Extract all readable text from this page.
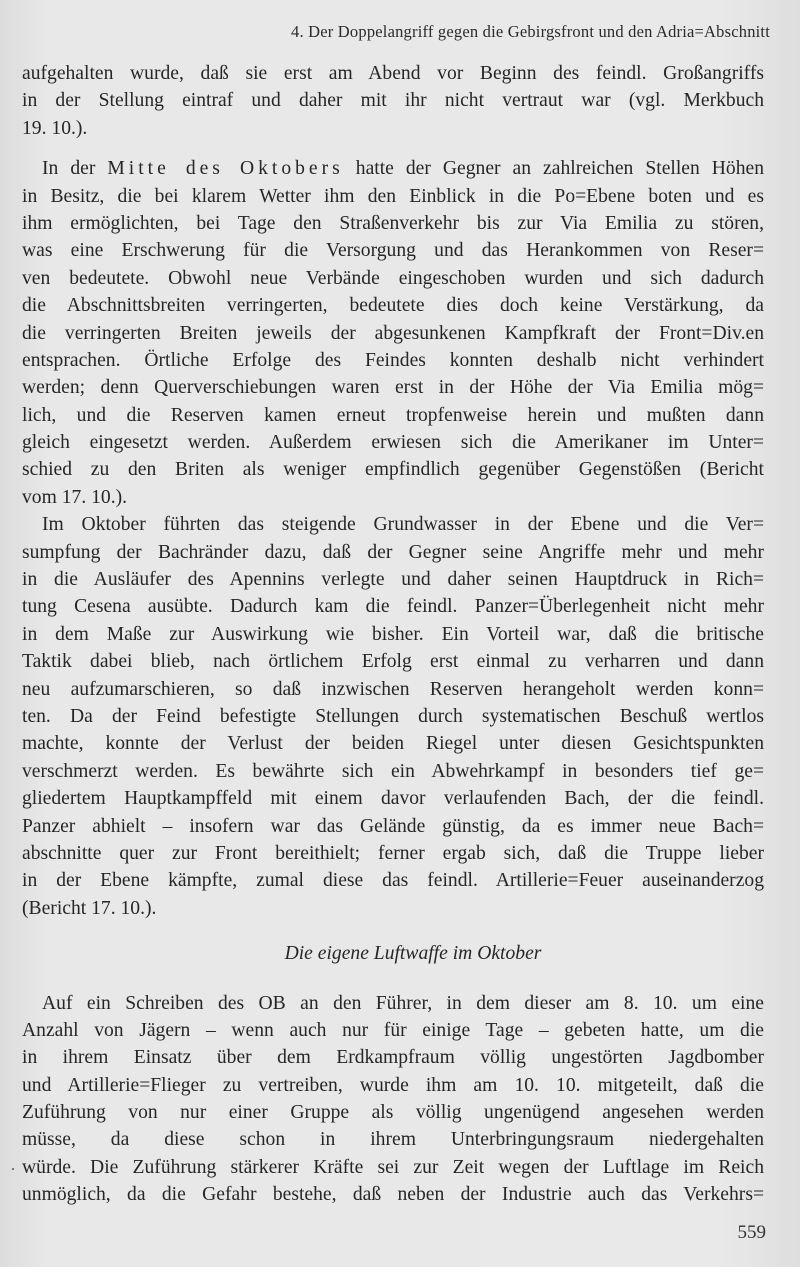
4. Der Doppelangriff gegen die Gebirgsfront und den Adria=Abschnitt
aufgehalten wurde, daß sie erst am Abend vor Beginn des feindl. Großangriffs
in der Stellung eintraf und daher mit ihr nicht vertraut war (vgl. Merkbuch
19. 10.).
In der Mitte des Oktobers hatte der Gegner an zahlreichen Stellen Höhen
in Besitz, die bei klarem Wetter ihm den Einblick in die Po=Ebene boten und es
ihm ermöglichten, bei Tage den Straßenverkehr bis zur Via Emilia zu stören,
was eine Erschwerung für die Versorgung und das Herankommen von Reser=
ven bedeutete. Obwohl neue Verbände eingeschoben wurden und sich dadurch
die Abschnittsbreiten verringerten, bedeutete dies doch keine Verstärkung, da
die verringerten Breiten jeweils der abgesunkenen Kampfkraft der Front=Div.en
entsprachen. Örtliche Erfolge des Feindes konnten deshalb nicht verhindert
werden; denn Querverschiebungen waren erst in der Höhe der Via Emilia mög=
lich, und die Reserven kamen erneut tropfenweise herein und mußten dann
gleich eingesetzt werden. Außerdem erwiesen sich die Amerikaner im Unter=
schied zu den Briten als weniger empfindlich gegenüber Gegenstößen (Bericht
vom 17. 10.).
Im Oktober führten das steigende Grundwasser in der Ebene und die Ver=
sumpfung der Bachränder dazu, daß der Gegner seine Angriffe mehr und mehr
in die Ausläufer des Apennins verlegte und daher seinen Hauptdruck in Rich=
tung Cesena ausübte. Dadurch kam die feindl. Panzer=Überlegenheit nicht mehr
in dem Maße zur Auswirkung wie bisher. Ein Vorteil war, daß die britische
Taktik dabei blieb, nach örtlichem Erfolg erst einmal zu verharren und dann
neu aufzumarschieren, so daß inzwischen Reserven herangeholt werden konn=
ten. Da der Feind befestigte Stellungen durch systematischen Beschuß wertlos
machte, konnte der Verlust der beiden Riegel unter diesen Gesichtspunkten
verschmerzt werden. Es bewährte sich ein Abwehrkampf in besonders tief ge=
gliedertem Hauptkampffeld mit einem davor verlaufenden Bach, der die feindl.
Panzer abhielt – insofern war das Gelände günstig, da es immer neue Bach=
abschnitte quer zur Front bereithielt; ferner ergab sich, daß die Truppe lieber
in der Ebene kämpfte, zumal diese das feindl. Artillerie=Feuer auseinanderzog
(Bericht 17. 10.).
Die eigene Luftwaffe im Oktober
Auf ein Schreiben des OB an den Führer, in dem dieser am 8. 10. um eine
Anzahl von Jägern – wenn auch nur für einige Tage – gebeten hatte, um die
in ihrem Einsatz über dem Erdkampfraum völlig ungestörten Jagdbomber
und Artillerie=Flieger zu vertreiben, wurde ihm am 10. 10. mitgeteilt, daß die
Zuführung von nur einer Gruppe als völlig ungenügend angesehen werden
müsse, da diese schon in ihrem Unterbringungsraum niedergehalten
würde. Die Zuführung stärkerer Kräfte sei zur Zeit wegen der Luftlage im Reich
unmöglich, da die Gefahr bestehe, daß neben der Industrie auch das Verkehrs=
559
